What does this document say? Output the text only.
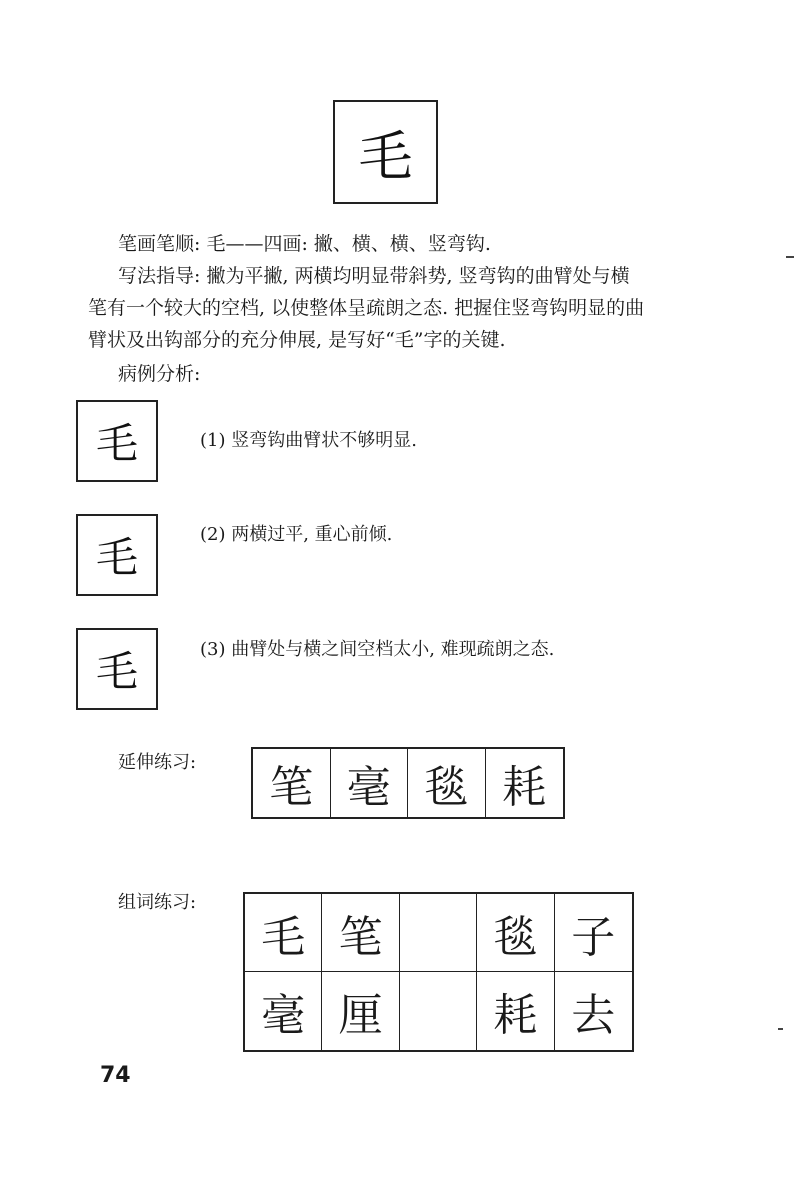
毛
笔画笔顺: 毛——四画: 撇、横、横、竖弯钩.
写法指导: 撇为平撇, 两横均明显带斜势, 竖弯钩的曲臂处与横
笔有一个较大的空档, 以使整体呈疏朗之态. 把握住竖弯钩明显的曲
臂状及出钩部分的充分伸展, 是写好“毛”字的关键.
病例分析:
毛	(1) 竖弯钩曲臂状不够明显.
毛	(2) 两横过平, 重心前倾.
毛	(3) 曲臂处与横之间空档太小, 难现疏朗之态.
延伸练习:	笔 毫 毯 耗
组词练习:
毛 笔	毯 子
毫 厘	耗 去
74
